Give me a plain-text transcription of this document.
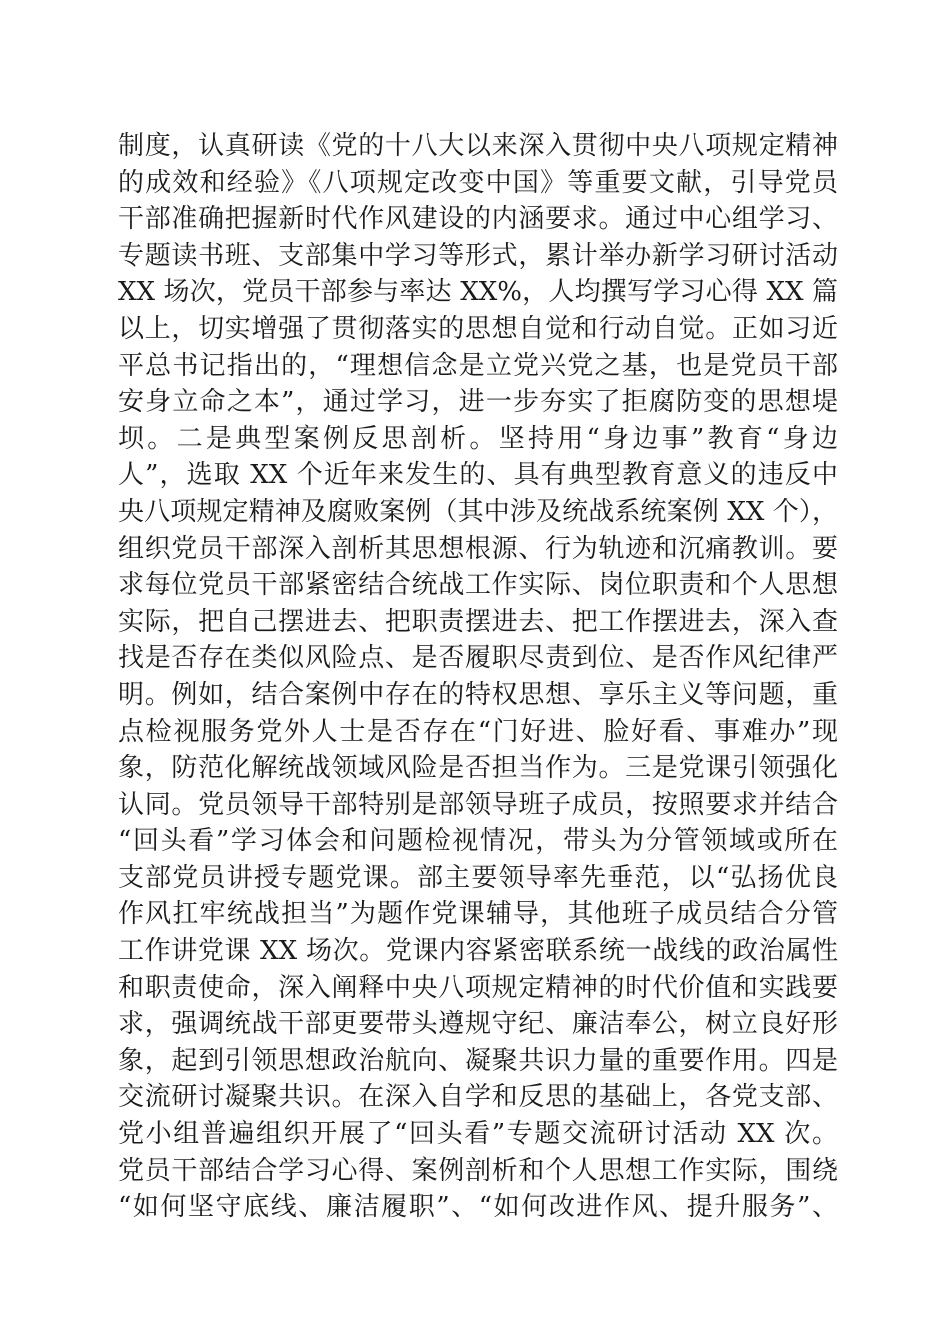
制度，认真研读《党的十八大以来深入贯彻中央八项规定精神
的成效和经验》《八项规定改变中国》等重要文献，引导党员
干部准确把握新时代作风建设的内涵要求。通过中心组学习、
专题读书班、支部集中学习等形式，累计举办新学习研讨活动
XX 场次，党员干部参与率达 XX%，人均撰写学习心得 XX 篇
以上，切实增强了贯彻落实的思想自觉和行动自觉。正如习近
平总书记指出的，“理想信念是立党兴党之基，也是党员干部
安身立命之本”，通过学习，进一步夯实了拒腐防变的思想堤
坝。二是典型案例反思剖析。坚持用“身边事”教育“身边
人”，选取 XX 个近年来发生的、具有典型教育意义的违反中
央八项规定精神及腐败案例（其中涉及统战系统案例 XX 个），
组织党员干部深入剖析其思想根源、行为轨迹和沉痛教训。要
求每位党员干部紧密结合统战工作实际、岗位职责和个人思想
实际，把自己摆进去、把职责摆进去、把工作摆进去，深入查
找是否存在类似风险点、是否履职尽责到位、是否作风纪律严
明。例如，结合案例中存在的特权思想、享乐主义等问题，重
点检视服务党外人士是否存在“门好进、脸好看、事难办”现
象，防范化解统战领域风险是否担当作为。三是党课引领强化
认同。党员领导干部特别是部领导班子成员，按照要求并结合
“回头看”学习体会和问题检视情况，带头为分管领域或所在
支部党员讲授专题党课。部主要领导率先垂范，以“弘扬优良
作风扛牢统战担当”为题作党课辅导，其他班子成员结合分管
工作讲党课 XX 场次。党课内容紧密联系统一战线的政治属性
和职责使命，深入阐释中央八项规定精神的时代价值和实践要
求，强调统战干部更要带头遵规守纪、廉洁奉公，树立良好形
象，起到引领思想政治航向、凝聚共识力量的重要作用。四是
交流研讨凝聚共识。在深入自学和反思的基础上，各党支部、
党小组普遍组织开展了“回头看”专题交流研讨活动 XX 次。
党员干部结合学习心得、案例剖析和个人思想工作实际，围绕
“如何坚守底线、廉洁履职”、“如何改进作风、提升服务”、
